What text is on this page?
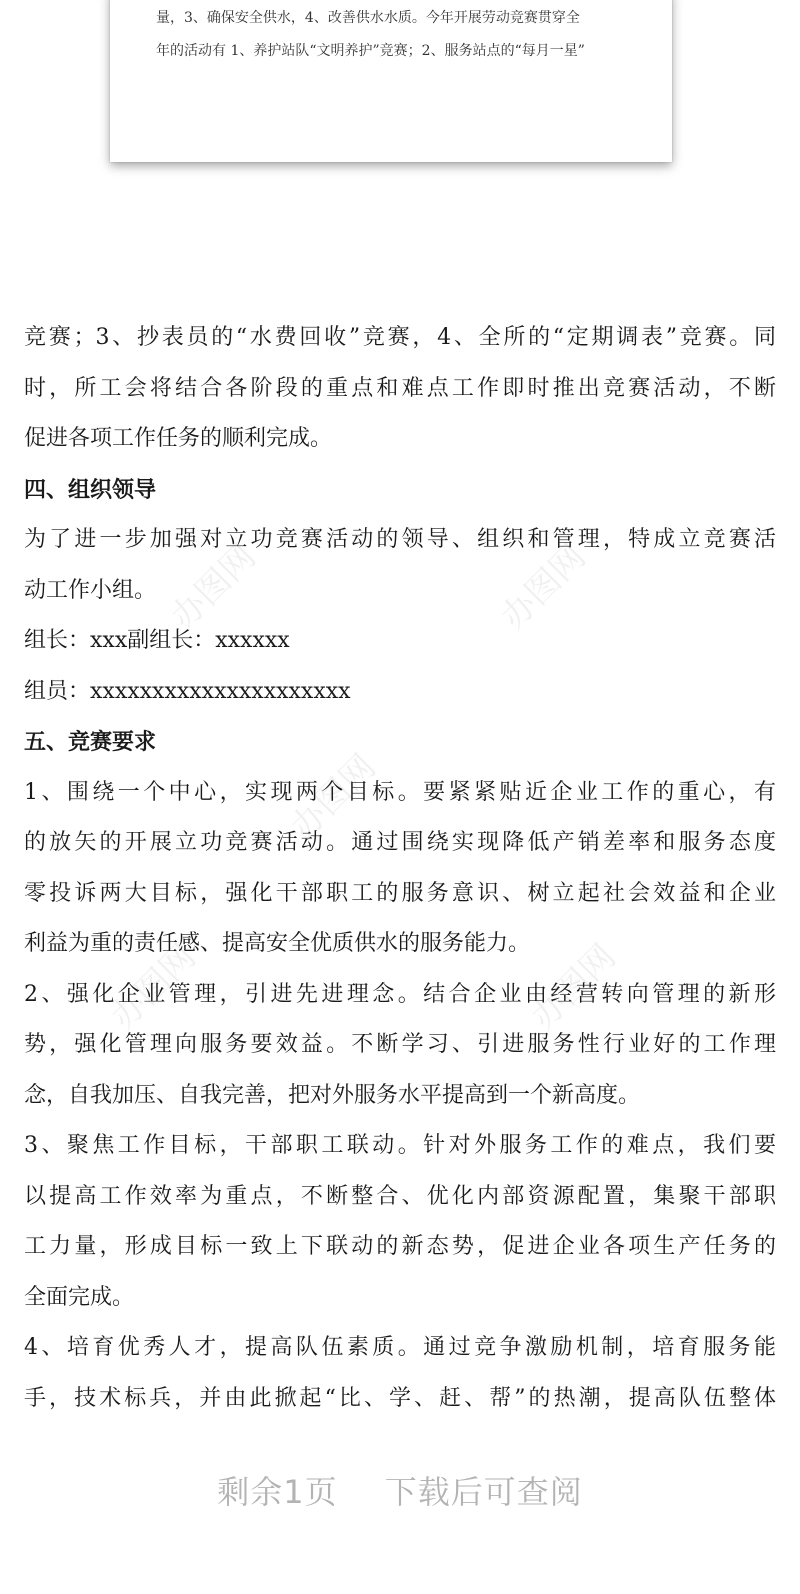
量，3、确保安全供水，4、改善供水水质。今年开展劳动竞赛贯穿全
年的活动有 1、养护站队“文明养护”竞赛；2、服务站点的“每月一星”
办图网	办图网
办图网
办图网	办图网
竞赛；3、抄表员的“水费回收”竞赛，4、全所的“定期调表”竞赛。同
时，所工会将结合各阶段的重点和难点工作即时推出竞赛活动，不断
促进各项工作任务的顺利完成。
四、组织领导
为了进一步加强对立功竞赛活动的领导、组织和管理，特成立竞赛活
动工作小组。
组长：xxx副组长：xxxxxx
组员：xxxxxxxxxxxxxxxxxxxxx
五、竞赛要求
1、围绕一个中心，实现两个目标。要紧紧贴近企业工作的重心，有
的放矢的开展立功竞赛活动。通过围绕实现降低产销差率和服务态度
零投诉两大目标，强化干部职工的服务意识、树立起社会效益和企业
利益为重的责任感、提高安全优质供水的服务能力。
2、强化企业管理，引进先进理念。结合企业由经营转向管理的新形
势，强化管理向服务要效益。不断学习、引进服务性行业好的工作理
念，自我加压、自我完善，把对外服务水平提高到一个新高度。
3、聚焦工作目标，干部职工联动。针对外服务工作的难点，我们要
以提高工作效率为重点，不断整合、优化内部资源配置，集聚干部职
工力量，形成目标一致上下联动的新态势，促进企业各项生产任务的
全面完成。
4、培育优秀人才，提高队伍素质。通过竞争激励机制，培育服务能
手，技术标兵，并由此掀起“比、学、赶、帮”的热潮，提高队伍整体
剩余1页 下载后可查阅
